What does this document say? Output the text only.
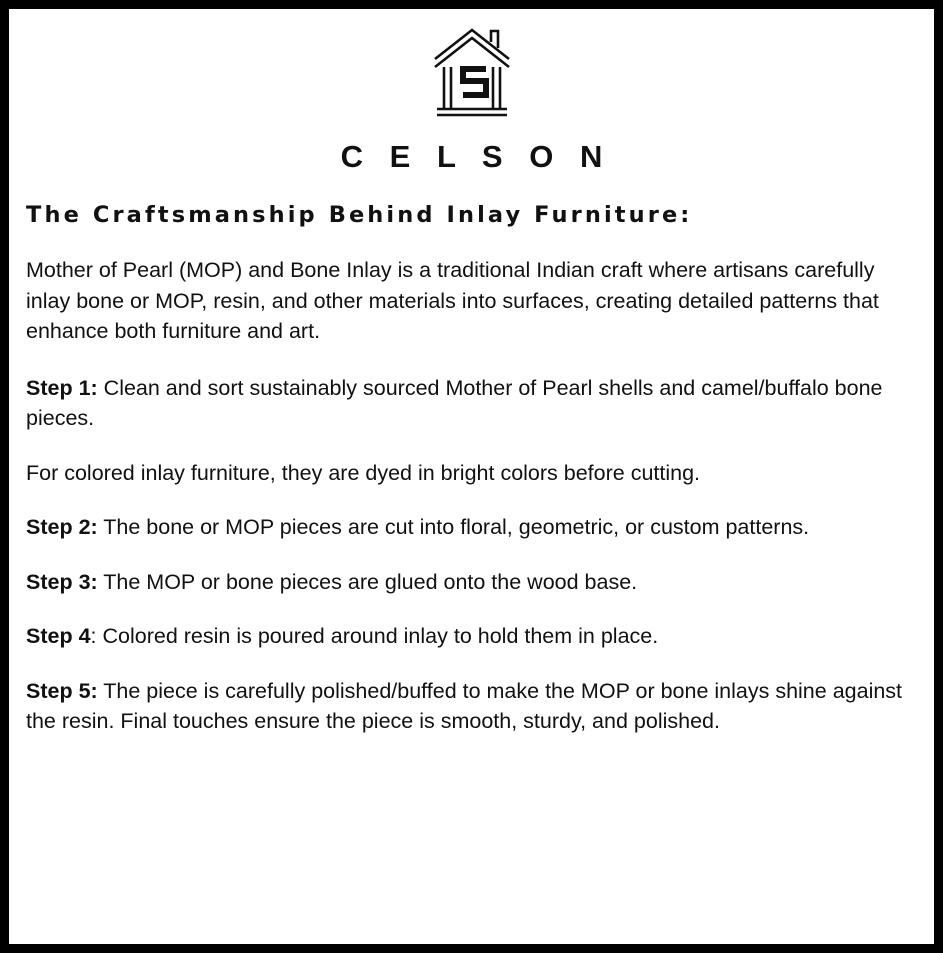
C E L S O N
The Craftsmanship Behind Inlay Furniture:

Mother of Pearl (MOP) and Bone Inlay is a traditional Indian craft where artisans carefully inlay bone or MOP, resin, and other materials into surfaces, creating detailed patterns that enhance both furniture and art.

Step 1: Clean and sort sustainably sourced Mother of Pearl shells and camel/buffalo bone pieces.

For colored inlay furniture, they are dyed in bright colors before cutting.

Step 2: The bone or MOP pieces are cut into floral, geometric, or custom patterns.

Step 3: The MOP or bone pieces are glued onto the wood base.

Step 4: Colored resin is poured around inlay to hold them in place.

Step 5: The piece is carefully polished/buffed to make the MOP or bone inlays shine against the resin. Final touches ensure the piece is smooth, sturdy, and polished.
